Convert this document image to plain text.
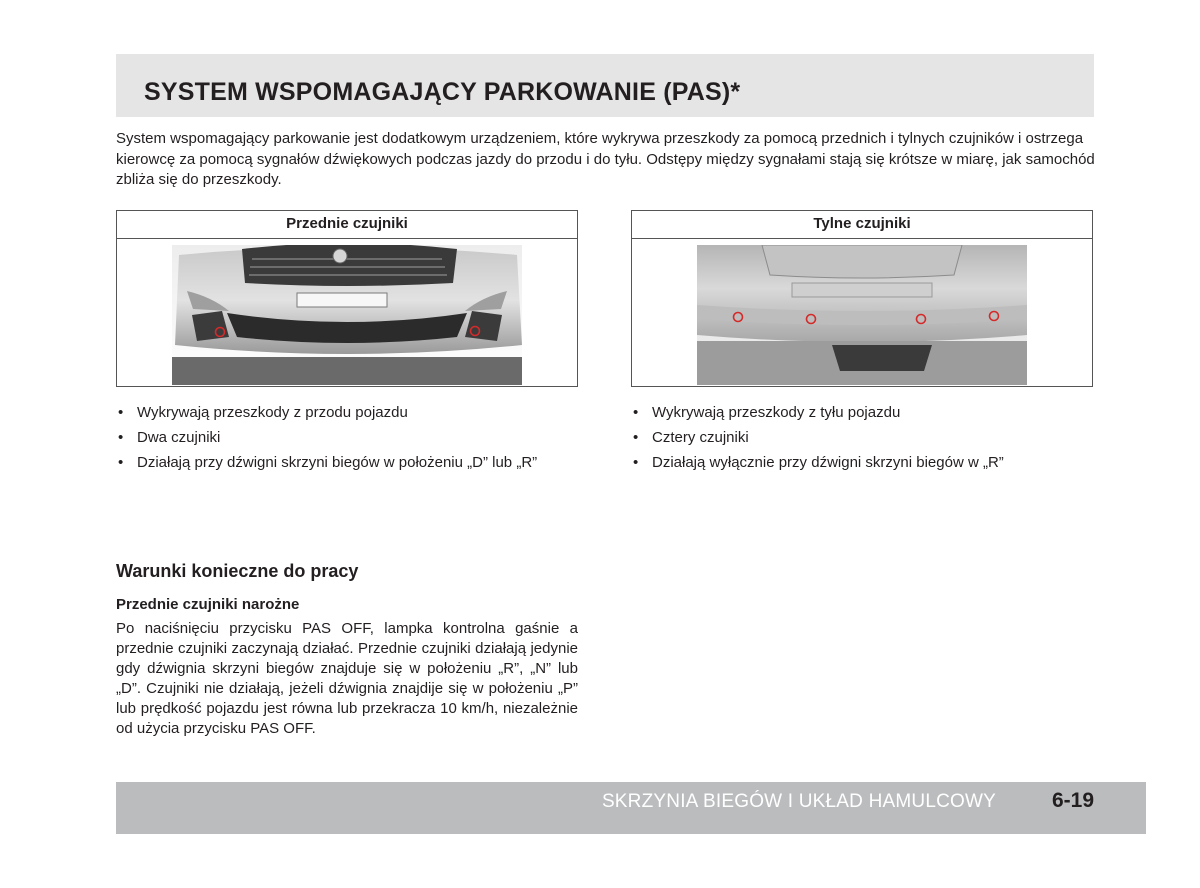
SYSTEM WSPOMAGAJĄCY PARKOWANIE (PAS)*

System wspomagający parkowanie jest dodatkowym urządzeniem, które wykrywa przeszkody za pomocą przednich i tylnych czujników i ostrzega kierowcę za pomocą sygnałów dźwiękowych podczas jazdy do przodu i do tyłu. Odstępy między sygnałami stają się krótsze w miarę, jak samochód zbliża się do przeszkody.

Przednie czujniki	Tylne czujniki
• Wykrywają przeszkody z przodu pojazdu
• Dwa czujniki
• Działają przy dźwigni skrzyni biegów w położeniu „D” lub „R”
• Wykrywają przeszkody z tyłu pojazdu
• Cztery czujniki
• Działają wyłącznie przy dźwigni skrzyni biegów w „R”
Warunki konieczne do pracy
Przednie czujniki narożne

Po naciśnięciu przycisku PAS OFF, lampka kontrolna gaśnie a przednie czujniki zaczynają działać. Przednie czujniki działają jedynie gdy dźwignia skrzyni biegów znajduje się w położeniu „R”, „N” lub „D”. Czujniki nie działają, jeżeli dźwignia znajdije się w położeniu „P” lub prędkość pojazdu jest równa lub przekracza 10 km/h, niezależnie od użycia przycisku PAS OFF.

SKRZYNIA BIEGÓW I UKŁAD HAMULCOWY	6-19
